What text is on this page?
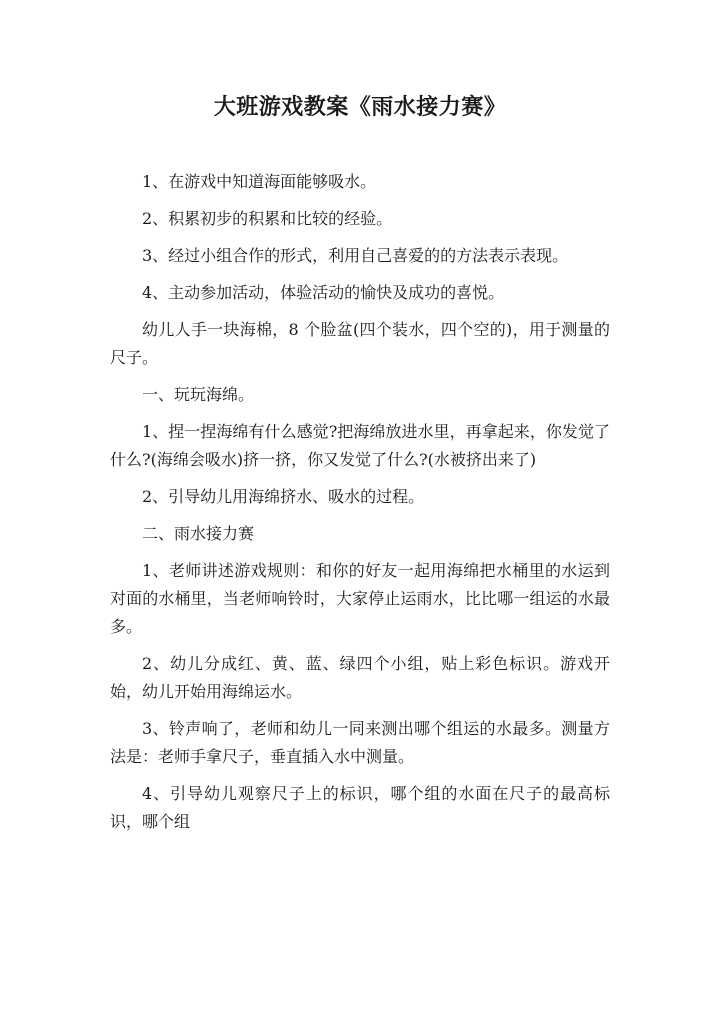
大班游戏教案《雨水接力赛》

1、在游戏中知道海面能够吸水。

2、积累初步的积累和比较的经验。

3、经过小组合作的形式，利用自己喜爱的的方法表示表现。

4、主动参加活动，体验活动的愉快及成功的喜悦。

幼儿人手一块海棉，8 个脸盆(四个装水，四个空的)，用于测量的尺子。

一、玩玩海绵。

1、捏一捏海绵有什么感觉?把海绵放进水里，再拿起来，你发觉了什么?(海绵会吸水)挤一挤，你又发觉了什么?(水被挤出来了)

2、引导幼儿用海绵挤水、吸水的过程。

二、雨水接力赛

1、老师讲述游戏规则：和你的好友一起用海绵把水桶里的水运到对面的水桶里，当老师响铃时，大家停止运雨水，比比哪一组运的水最多。

2、幼儿分成红、黄、蓝、绿四个小组，贴上彩色标识。游戏开始，幼儿开始用海绵运水。

3、铃声响了，老师和幼儿一同来测出哪个组运的水最多。测量方法是：老师手拿尺子，垂直插入水中测量。

4、引导幼儿观察尺子上的标识，哪个组的水面在尺子的最高标识，哪个组
